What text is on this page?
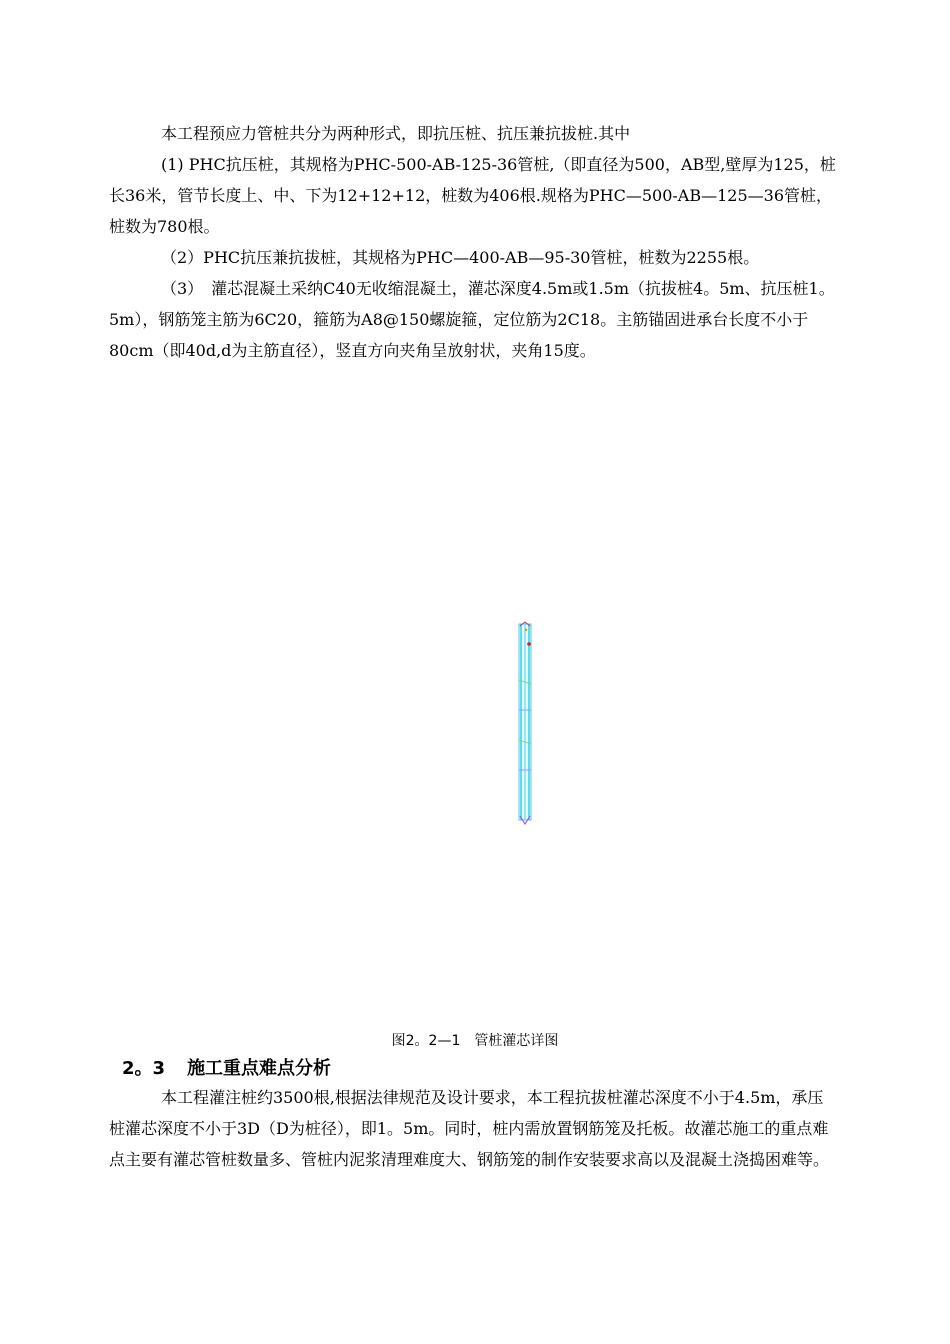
本工程预应力管桩共分为两种形式，即抗压桩、抗压兼抗拔桩.其中

(1) PHC抗压桩，其规格为PHC-500-AB-125-36管桩,（即直径为500，AB型,壁厚为125，桩长36米，管节长度上、中、下为12+12+12，桩数为406根.规格为PHC—500-AB—125—36管桩，桩数为780根。

（2）PHC抗压兼抗拔桩，其规格为PHC—400-AB—95-30管桩，桩数为2255根。

（3）　灌芯混凝土采纳C40无收缩混凝土，灌芯深度4.5m或1.5m（抗拔桩4。5m、抗压桩1。5m），钢筋笼主筋为6C20，箍筋为A8@150螺旋箍，定位筋为2C18。主筋锚固进承台长度不小于80cm（即40d,d为主筋直径），竖直方向夹角呈放射状，夹角15度。

图2。2—1　管桩灌芯详图
2。3 施工重点难点分析

本工程灌注桩约3500根,根据法律规范及设计要求，本工程抗拔桩灌芯深度不小于4.5m，承压桩灌芯深度不小于3D（D为桩径），即1。5m。同时，桩内需放置钢筋笼及托板。故灌芯施工的重点难点主要有灌芯管桩数量多、管桩内泥浆清理难度大、钢筋笼的制作安装要求高以及混凝土浇捣困难等。
